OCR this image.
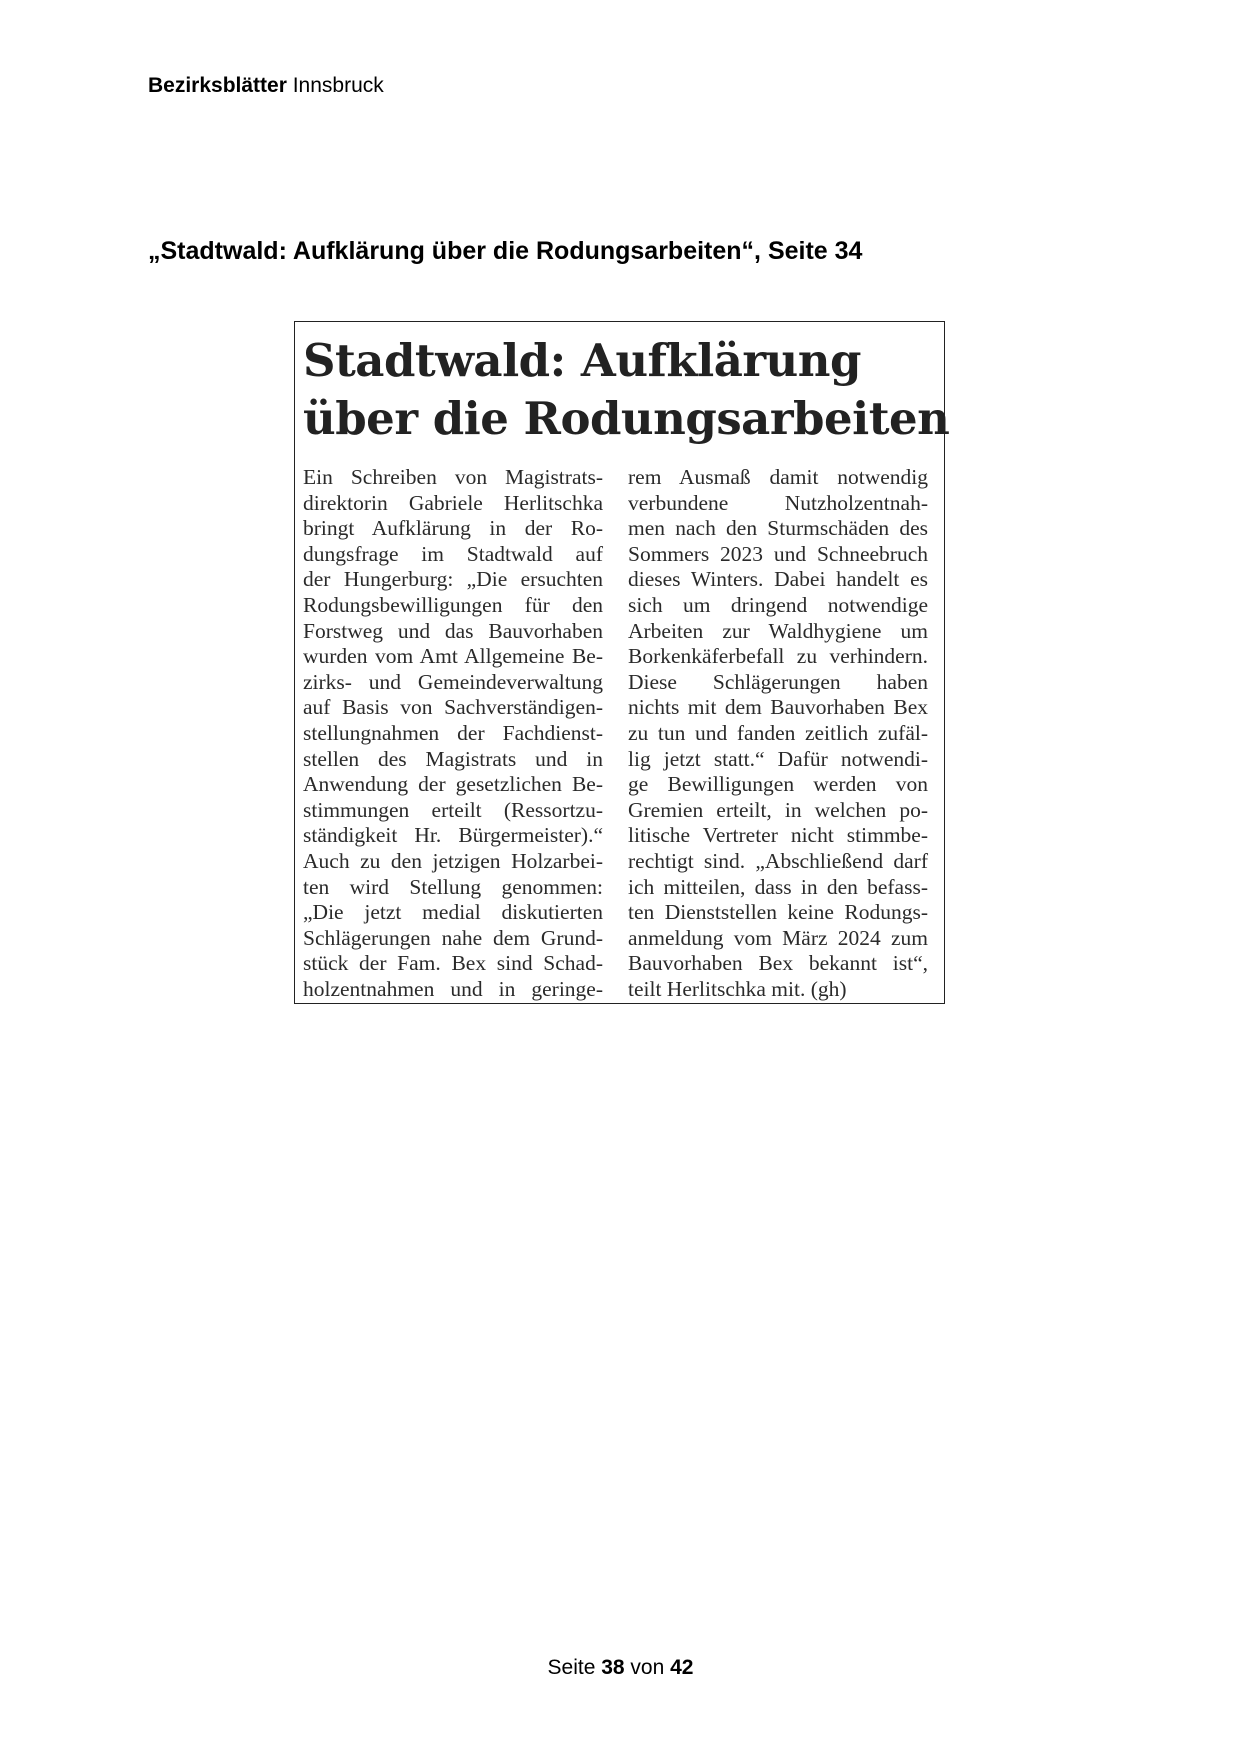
Bezirksblätter Innsbruck
„Stadtwald: Aufklärung über die Rodungsarbeiten“, Seite 34
Stadtwald: Aufklärung
über die Rodungsarbeiten
Ein Schreiben von Magistrats-
direktorin Gabriele Herlitschka
bringt Aufklärung in der Ro-
dungsfrage im Stadtwald auf
der Hungerburg: „Die ersuchten
Rodungsbewilligungen für den
Forstweg und das Bauvorhaben
wurden vom Amt Allgemeine Be-
zirks- und Gemeindeverwaltung
auf Basis von Sachverständigen-
stellungnahmen der Fachdienst-
stellen des Magistrats und in
Anwendung der gesetzlichen Be-
stimmungen erteilt (Ressortzu-
ständigkeit Hr. Bürgermeister).“
Auch zu den jetzigen Holzarbei-
ten wird Stellung genommen:
„Die jetzt medial diskutierten
Schlägerungen nahe dem Grund-
stück der Fam. Bex sind Schad-
holzentnahmen und in geringe-
rem Ausmaß damit notwendig
verbundene Nutzholzentnah-
men nach den Sturmschäden des
Sommers 2023 und Schneebruch
dieses Winters. Dabei handelt es
sich um dringend notwendige
Arbeiten zur Waldhygiene um
Borkenkäferbefall zu verhindern.
Diese Schlägerungen haben
nichts mit dem Bauvorhaben Bex
zu tun und fanden zeitlich zufäl-
lig jetzt statt.“ Dafür notwendi-
ge Bewilligungen werden von
Gremien erteilt, in welchen po-
litische Vertreter nicht stimmbe-
rechtigt sind. „Abschließend darf
ich mitteilen, dass in den befass-
ten Dienststellen keine Rodungs-
anmeldung vom März 2024 zum
Bauvorhaben Bex bekannt ist“,
teilt Herlitschka mit. (gh)
Seite 38 von 42
